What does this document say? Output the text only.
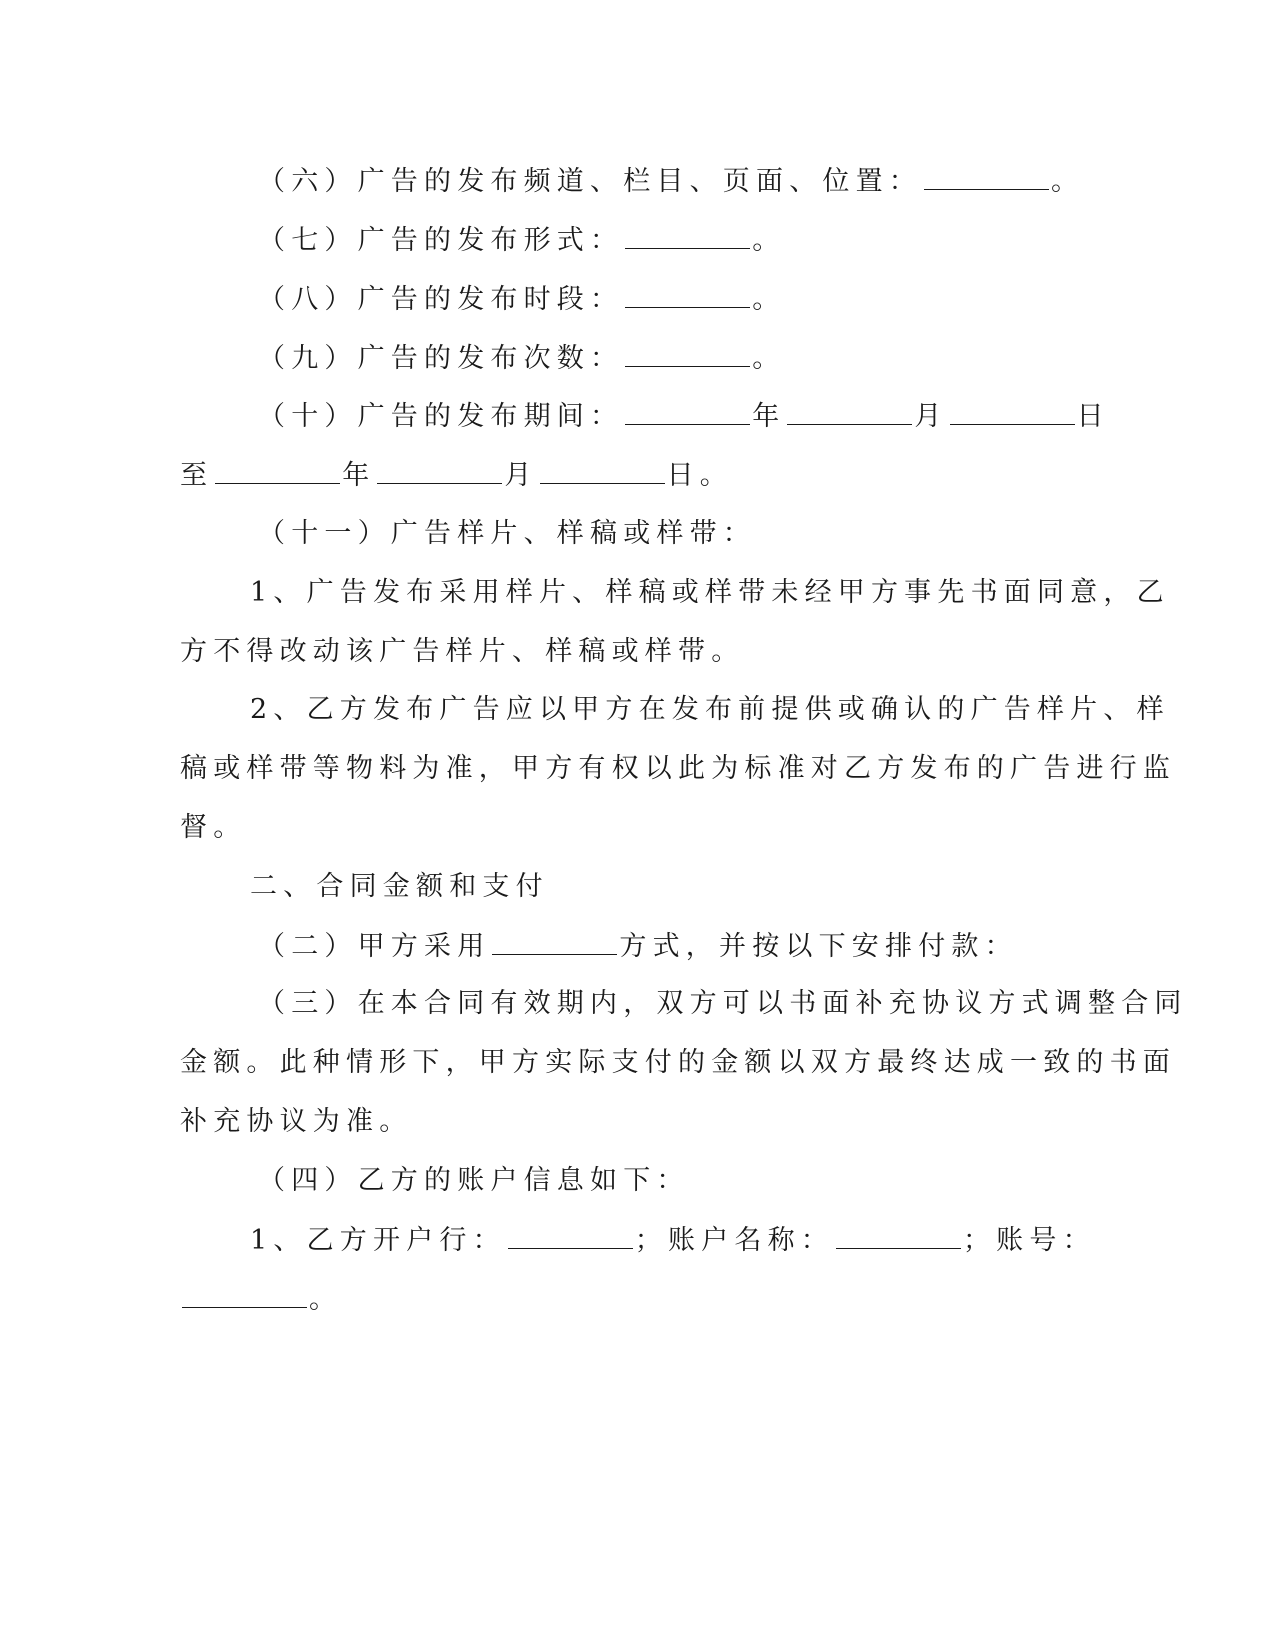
（六）广告的发布频道、栏目、页面、位置：	。
（七）广告的发布形式：	。
（八）广告的发布时段：	。
（九）广告的发布次数：	。
（十）广告的发布期间：	年	月	日
至	年	月	日。
（十一）广告样片、样稿或样带：
1、广告发布采用样片、样稿或样带未经甲方事先书面同意，乙
方不得改动该广告样片、样稿或样带。
2、乙方发布广告应以甲方在发布前提供或确认的广告样片、样
稿或样带等物料为准，甲方有权以此为标准对乙方发布的广告进行监
督。
二、合同金额和支付
（二）甲方采用	方式，并按以下安排付款：
（三）在本合同有效期内，双方可以书面补充协议方式调整合同
金额。此种情形下，甲方实际支付的金额以双方最终达成一致的书面
补充协议为准。
（四）乙方的账户信息如下：
1、乙方开户行：	；账户名称：	；账号：
。
